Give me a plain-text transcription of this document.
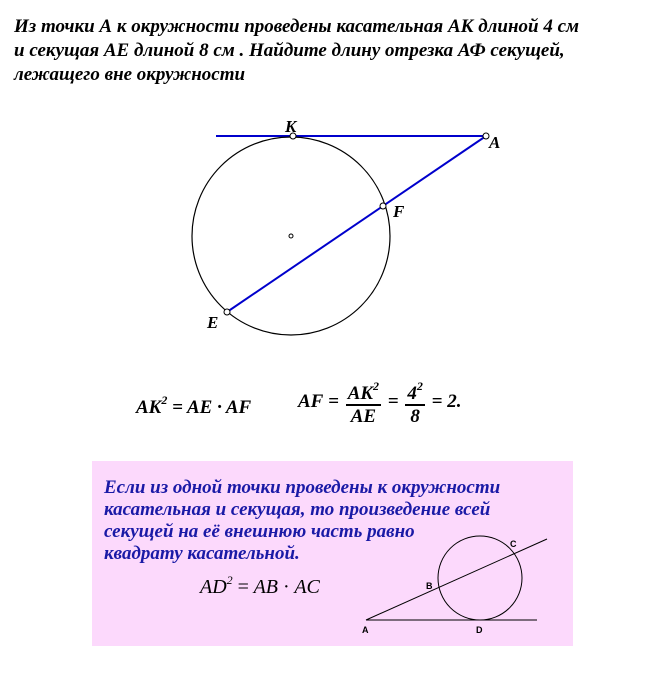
Из точки А к окружности проведены касательная АК длиной 4 см
и секущая АЕ длиной 8 см . Найдите длину отрезка АФ секущей,
лежащего вне окружности
K
A
F
E
$AK^2$ = AE · AF AF = $\frac{AK^2}{AE} = \frac{4^2}{8} = 2$.
Если из одной точки проведены к окружности
касательная и секущая, то произведение всей
секущей на её внешнюю часть равно
квадрату касательной.
$AD^2$ = AB · AC
A
B
C
D
